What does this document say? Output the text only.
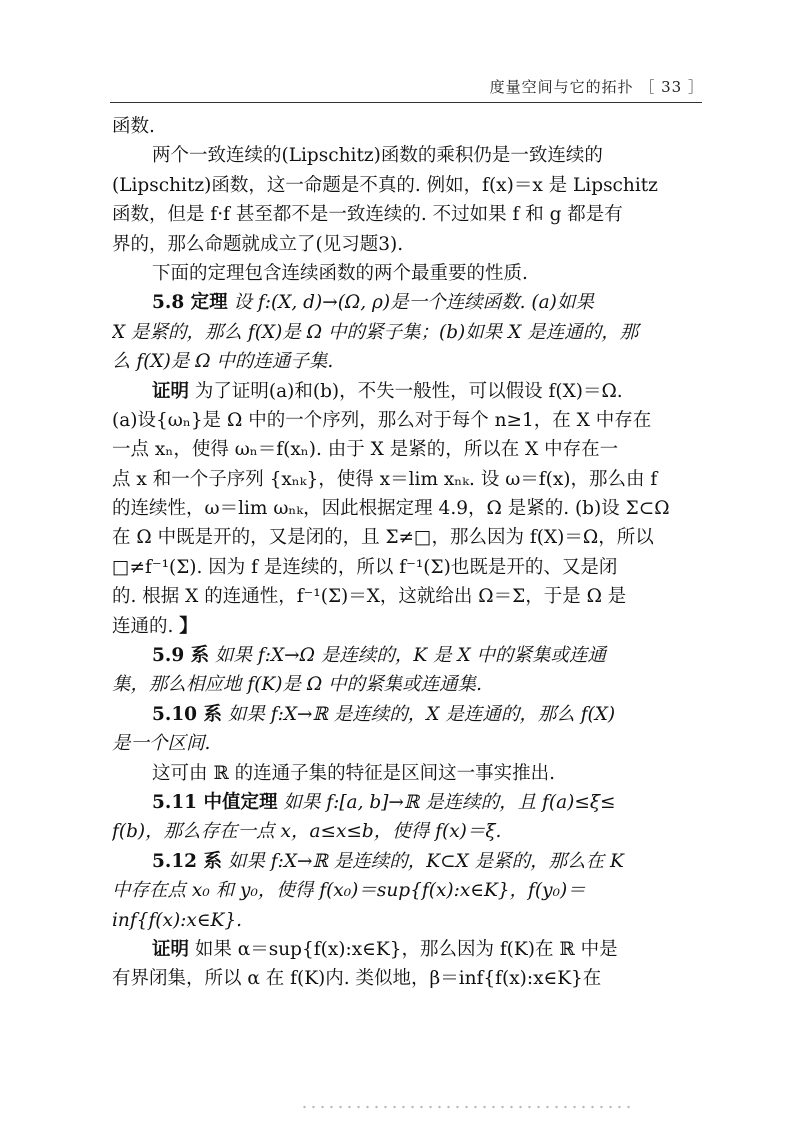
度量空间与它的拓扑 ［ 33 ］
函数.
两个一致连续的(Lipschitz)函数的乘积仍是一致连续的
(Lipschitz)函数，这一命题是不真的. 例如，f(x)＝x 是 Lipschitz
函数，但是 f·f 甚至都不是一致连续的. 不过如果 f 和 g 都是有
界的，那么命题就成立了(见习题3).
下面的定理包含连续函数的两个最重要的性质.
5.8 定理 设 f:(X, d)→(Ω, ρ)是一个连续函数. (a)如果
X 是紧的，那么 f(X)是 Ω 中的紧子集；(b)如果 X 是连通的，那
么 f(X)是 Ω 中的连通子集.
证明 为了证明(a)和(b)，不失一般性，可以假设 f(X)＝Ω.
(a)设{ωₙ}是 Ω 中的一个序列，那么对于每个 n≥1，在 X 中存在
一点 xₙ，使得 ωₙ＝f(xₙ). 由于 X 是紧的，所以在 X 中存在一
点 x 和一个子序列 {xₙₖ}，使得 x＝lim xₙₖ. 设 ω＝f(x)，那么由 f
的连续性，ω＝lim ωₙₖ，因此根据定理 4.9，Ω 是紧的. (b)设 Σ⊂Ω
在 Ω 中既是开的，又是闭的，且 Σ≠□，那么因为 f(X)＝Ω，所以
□≠f⁻¹(Σ). 因为 f 是连续的，所以 f⁻¹(Σ)也既是开的、又是闭
的. 根据 X 的连通性，f⁻¹(Σ)＝X，这就给出 Ω＝Σ，于是 Ω 是
连通的. 】
5.9 系 如果 f:X→Ω 是连续的，K 是 X 中的紧集或连通
集，那么相应地 f(K)是 Ω 中的紧集或连通集.
5.10 系 如果 f:X→ℝ 是连续的，X 是连通的，那么 f(X)
是一个区间.
这可由 ℝ 的连通子集的特征是区间这一事实推出.
5.11 中值定理 如果 f:[a, b]→ℝ 是连续的，且 f(a)≤ξ≤
f(b)，那么存在一点 x，a≤x≤b，使得 f(x)＝ξ.
5.12 系 如果 f:X→ℝ 是连续的，K⊂X 是紧的，那么在 K
中存在点 x₀ 和 y₀，使得 f(x₀)＝sup{f(x):x∈K}，f(y₀)＝
inf{f(x):x∈K}.
证明 如果 α＝sup{f(x):x∈K}，那么因为 f(K)在 ℝ 中是
有界闭集，所以 α 在 f(K)内. 类似地，β＝inf{f(x):x∈K}在
